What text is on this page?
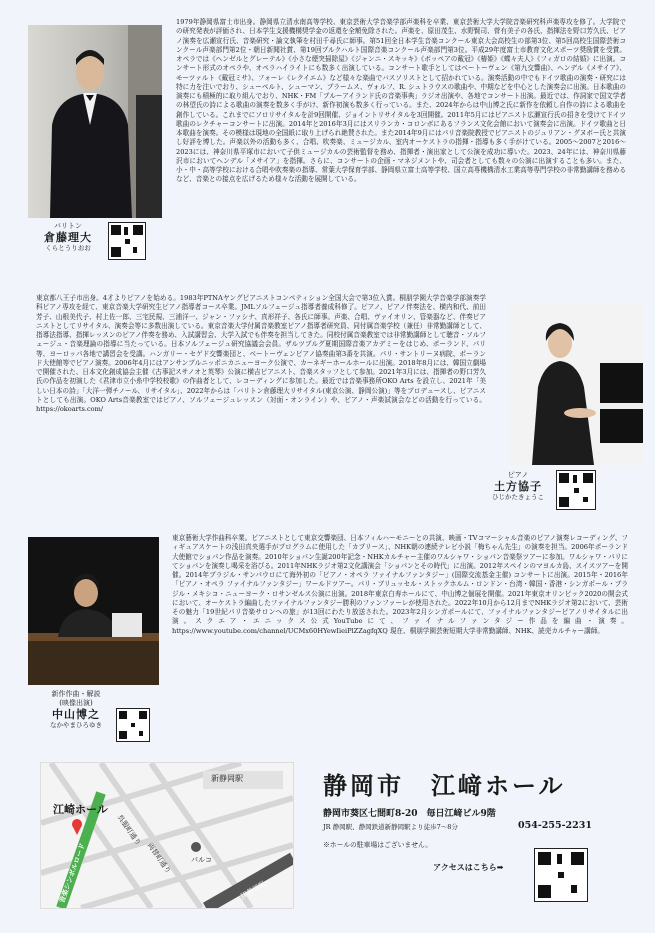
バリトン
倉藤理大
くらとうりおお
1979年静岡県富士市出身。静岡県立清水南高等学校、東京芸術大学音楽学部声楽科を卒業、東京芸術大学大学院音楽研究科声楽専攻を修了。大学院での研究発表が評価され、日本学生支援機構奨学金の返還を全額免除された。声楽を、原田茂生、水野賢司、菅有美子の各氏、指揮法を野口芳久氏、ピアノ演奏を広瀬宣行氏、音楽研究・論文執筆を村田千尋氏に師事。第51回全日本学生音楽コンクール東京大会高校生の部第3位、第5回高校生国際芸術コンクール声楽部門第2位・朝日新聞社賞、第19回ブルクハルト国際音楽コンクール声楽部門第3位。平成29年度富士市教育文化スポーツ奨励賞を受賞。オペラでは《ヘンゼルとグレーテル》《小さな煙突掃除屋》《ジャンニ・スキッキ》《ボッペアの戴冠》《椿姫》《蝶々夫人》《フィガロの結婚》に出演。コンサート形式のオペラや、オペラハイライトにも数多く出演している。コンサート歌手としてはベートーヴェン《第九交響曲》、ヘンデル《メサイア》、モーツァルト《戴冠ミサ》、フォーレ《レクイエム》など様々な楽曲でバスソリストとして招かれている。演奏活動の中でもドイツ歌曲の演奏・研究には特に力を注いでおり、シューベルト、シューマン、ブラームス、ヴォルフ、R. シュトラウスの歌曲や、中期などを中心とした演奏会に出演。日本歌曲の演奏にも積極的に取り組んでおり、NHK・FM「ブルーアイランド氏の音楽事典」ラジオ出演や、各地でコンサート出演。最近では、作詞家で国文学者の林望氏の詩による歌曲の演奏を数多く手がけ、新作初演も数多く行っている。また、2024年からは中山博之氏に新作を依頼し自作の詩による歌曲を創作している。これまでにソロリサイタルを計9回開催、ジョイントリサイタルを3回開催。2011年5月にはピアニスト広瀬宣行氏の招きを受けてドイツ歌曲のレクチャーコンサートに出演。2014年と2016年3月にはスリランカ・コロンボにあるフランス文化会館において演奏会に出演。ドイツ歌曲と日本歌曲を演奏。その模様は現地の全国紙に取り上げられ絶賛された。また2014年9月にはパリ音楽院教授でピアニストのジュリアン・グヌボー氏と共演し好評を博した。声楽以外の活動も多く、合唱、吹奏楽、ミュージカル、室内オーケストラの指揮・指導も多く手がけている。2005〜2007と2016〜2023には、神奈川県平塚市において子供ミュージカルの芸術監督を務め、指揮者・演出家として公演を成功に導いた。2023、24年には、神奈川県藤沢市においてヘンデル「メサイア」を指揮。さらに、コンサートの企画・マネジメントや、司会者としても数々の公演に出演することも多い。また、小・中・高等学校における合唱や吹奏楽の指導、常葉大学保育学部、静岡県立富士高等学校、国立高専機構清水工業高等専門学校の非常勤講師を務めるなど、音楽との接点を広げるため様々な活動を展開している。
東京都八王子市出身。4才よりピアノを始める。1983年PTNAヤングピアニストコンペティション全国大会で第3位入賞。桐朋学園大学音楽学部演奏学科ピアノ専攻を経て、東京音楽大学研究生ピアノ指導者コース卒業。JMLソルフェージュ指導者養成科修了。ピアノ、ピアノ伴奏法を、横内和代、前田芳子、山根美代子、村上佐一郎、三宅民規、三浦洋一、ジャン・ファシナ、真形祥子、各氏に師事。声楽、合唱、ヴァイオリン、管楽器など、伴奏ピアニストとしてリサイタル、演奏会等に多数出演している。東京音楽大学付属音楽教室ピアノ指導者研究員、同付属音楽学校（兼任）非常勤講師として、指導法指導、指揮レッスンのピアノ伴奏を務め、入試講習会、大学入試でも伴奏を担当してきた。同校付属音楽教室では非常勤講師として聴音・ソルフェージュ・音楽理論の指導に当たっている。日本ソルフェージュ研究協議会会員。ザルツブルグ夏期国際音楽アカデミーをはじめ、ポーランド、パリ等、ヨーロッパ各地で講習会を受講。ハンガリー・セゲド交響楽団と、ベートーヴェンピアノ協奏曲第3番を共演。パリ・サントリーヌ病院、ポーランド大使館等でピアノ演奏。2006年4月にはアンサンブルニッポニカニューヨーク公演で、カーネギーホールホールに出演。2018年8月には、韓国立劇場で開催された、日本文化創成協会主催《古事記スサノオと英琴》公演に横吉ピアニスト、音楽スタッフとして参加。2021年3月には、指揮者の野口芳久氏の作品を初演した《君津市立小糸中学校校歌》の作曲者として、レコーディングに参加した。最近では音楽事務所OKO Arts を設立し、2021年「美しい日本の詩」「大洋一弾チノール、リサイタル」、2022年からは「バリトン倉藤理大リサイタル(東京公演、静岡公演)」等をプロデュースし、ピアニストとしても出演。OKO Arts音楽教室ではピアノ、ソルフェージュレッスン（対面・オンライン）や、ピアノ・声楽試演会などの活動を行っている。 https://okoarts.com/
ピアノ
土方協子
ひじかたきょうこ
新作作曲・解説
(映像出演)
中山博之
なかやまひろゆき
東京藝術大学作曲科卒業。ピアニストとして東京交響楽団、日本フィルハーモニーとの共演、映画・TVコマーシャル音楽のピアノ演奏レコーディング、フィギュアスケートの浅田真央選手がプログラムに使用した「カプリース」、NHK朝の連続テレビ小説「梅ちゃん先生」の演奏を担当。2006年ポーランド大使館でショパン作品を演奏。2010年ショパン生誕200年記念・NHKカルチャー主催のワルシャワ・ショパン音楽祭ツアーに参加。ワルシャワ・パリにてショパンを演奏し喝采を浴びる。2011年NHKラジオ第2文化講演会「ショパンとその時代」に出演。2012年スペインのマヨルカ島、スイスツアーを開催。2014年ブラジル・サンパウロにて海外初の「ピアノ・オペラ ファイナルファンタジー」(国際交流基金主催) コンサートに出演。2015年・2016年「ピアノ・オペラ ファイナルファンタジー」ワールドツアー。パリ・ブリュッセル・ストックホルム・ロンドン・台湾・韓国・香港・シンガポール・ブラジル・メキシコ・ニューヨーク・ロサンゼルス公演に出演。2018年東京白寿ホールにて、中山博之個展を開催。2021年東京オリンピック2020の開会式において、オーケストラ編曲したファイナルファンタジー勝利のファンファーレが使用された。2022年10月から12月までNHKラジオ第2において、芸術その魅力「19世紀パリ音楽サロンへの旅」が13回にわたり放送された。2023年2月シンガポールにて、ファイナルファンタジーピアノリサイタルに出演。スクエア・エニックス公式YouTubeにて、ファイナルファンタジー作品を編曲・演奏。 https://www.youtube.com/channel/UCMx60HYewIieiPlZZagfqXQ 現在、桐朋学園芸術短期大学非常勤講師、NHK、読売カルチャー講師。
新静岡駅
江崎ホール
呉服町通り
両替町通り
音楽シンボルロード	パルコ
JR静岡駅
静岡市　江﨑ホール
静岡市葵区七間町8-20　毎日江﨑ビル9階
JR 静岡駅、静岡鉄道新静岡駅より徒歩7〜8分	054-255-2231
※ホールの駐車場はございません。
アクセスはこちら➡
